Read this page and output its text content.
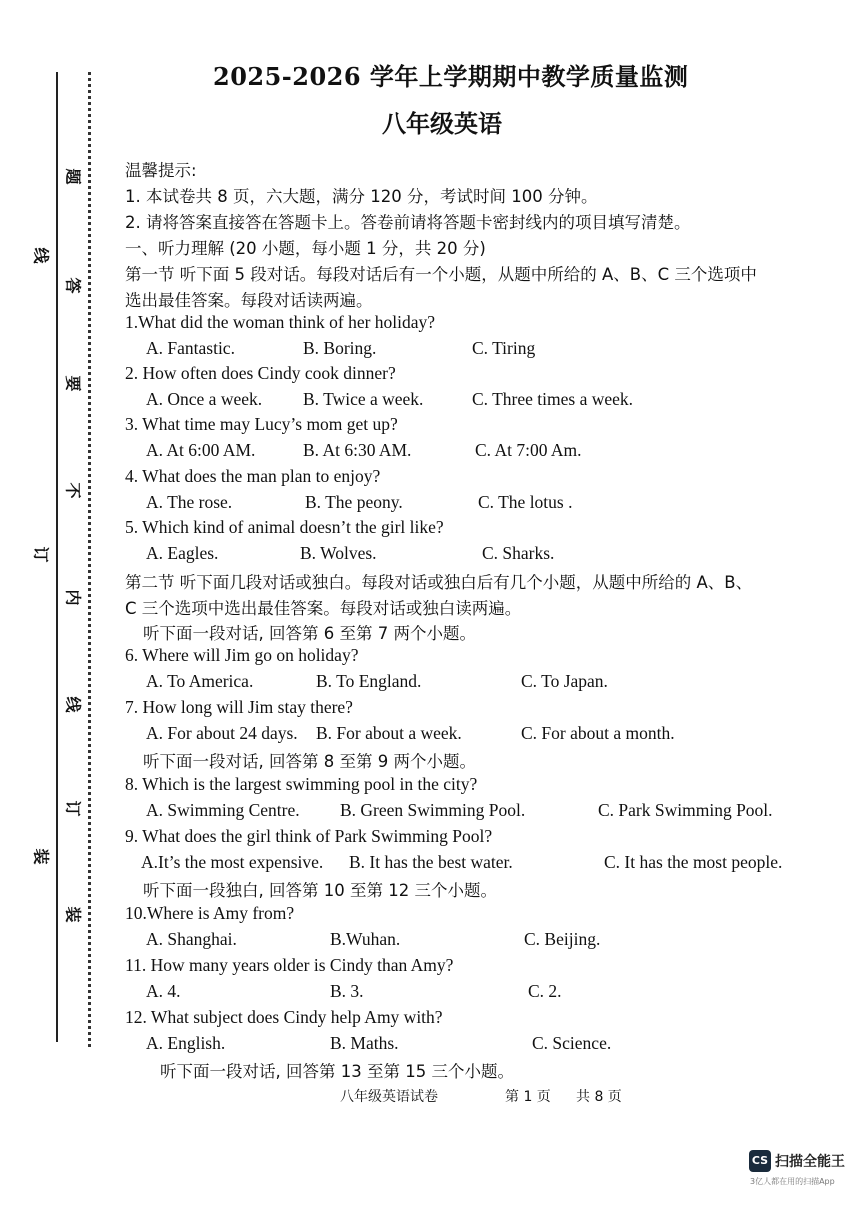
线
订
装
题
答
要
不
内
线
订
装
2025-2026 学年上学期期中教学质量监测
八年级英语
温馨提示:
1. 本试卷共 8 页，六大题，满分 120 分，考试时间 100 分钟。
2. 请将答案直接答在答题卡上。答卷前请将答题卡密封线内的项目填写清楚。
一、听力理解 (20 小题，每小题 1 分，共 20 分)
第一节 听下面 5 段对话。每段对话后有一个小题，从题中所给的 A、B、C 三个选项中
选出最佳答案。每段对话读两遍。
1.What did the woman think of her holiday?
A. Fantastic.	B. Boring.	C. Tiring
2. How often does Cindy cook dinner?
A. Once a week. B. Twice a week.	C. Three times a week.
3. What time may Lucy’s mom get up?
A. At 6:00 AM.	B. At 6:30 AM.	C. At 7:00 Am.
4. What does the man plan to enjoy?
A. The rose.	B. The peony.	C. The lotus .
5. Which kind of animal doesn’t the girl like?
A. Eagles.	B. Wolves.	C. Sharks.
第二节 听下面几段对话或独白。每段对话或独白后有几个小题，从题中所给的 A、B、
C 三个选项中选出最佳答案。每段对话或独白读两遍。
听下面一段对话, 回答第 6 至第 7 两个小题。
6. Where will Jim go on holiday?
A. To America.	B. To England.	C. To Japan.
7. How long will Jim stay there?
A. For about 24 days. B. For about a week.	C. For about a month.
听下面一段对话, 回答第 8 至第 9 两个小题。
8. Which is the largest swimming pool in the city?
A. Swimming Centre. B. Green Swimming Pool.	C. Park Swimming Pool.
9. What does the girl think of Park Swimming Pool?
A.It’s the most expensive. B. It has the best water.	C. It has the most people.
听下面一段独白, 回答第 10 至第 12 三个小题。
10.Where is Amy from?
A. Shanghai.	B.Wuhan.	C. Beijing.
11. How many years older is Cindy than Amy?
A. 4.	B. 3.	C. 2.
12. What subject does Cindy help Amy with?
A. English.	B. Maths.	C. Science.
听下面一段对话, 回答第 13 至第 15 三个小题。
八年级英语试卷	第 1 页 共 8 页
CS 扫描全能王
3亿人都在用的扫描App
